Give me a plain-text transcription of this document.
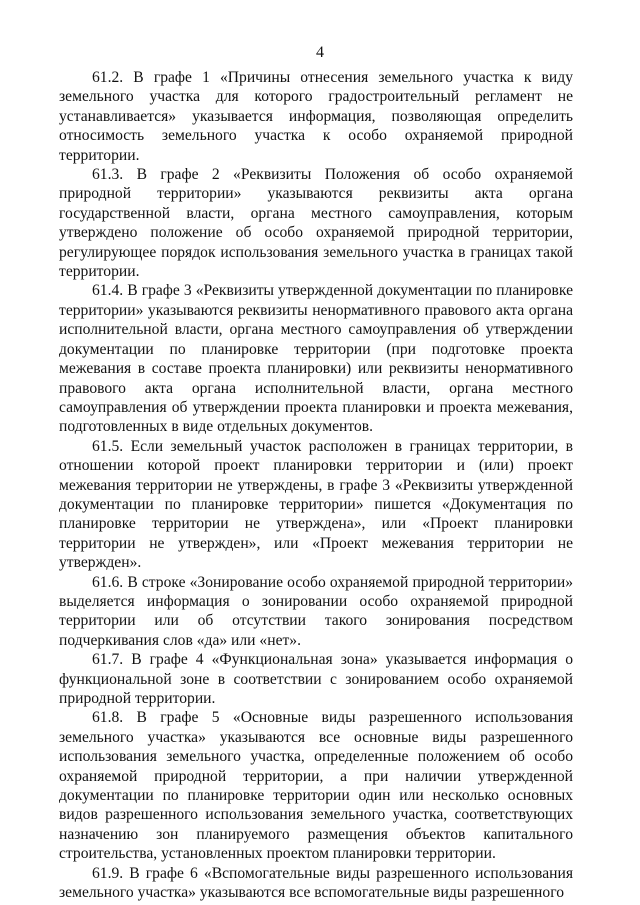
4

61.2. В графе 1 «Причины отнесения земельного участка к виду земельного участка для которого градостроительный регламент не устанавливается» указывается информация, позволяющая определить относимость земельного участка к особо охраняемой природной территории.

61.3. В графе 2 «Реквизиты Положения об особо охраняемой природной территории» указываются реквизиты акта органа государственной власти, органа местного самоуправления, которым утверждено положение об особо охраняемой природной территории, регулирующее порядок использования земельного участка в границах такой территории.

61.4. В графе 3 «Реквизиты утвержденной документации по планировке территории» указываются реквизиты ненормативного правового акта органа исполнительной власти, органа местного самоуправления об утверждении документации по планировке территории (при подготовке проекта межевания в составе проекта планировки) или реквизиты ненормативного правового акта органа исполнительной власти, органа местного самоуправления об утверждении проекта планировки и проекта межевания, подготовленных в виде отдельных документов.

61.5. Если земельный участок расположен в границах территории, в отношении которой проект планировки территории и (или) проект межевания территории не утверждены, в графе 3 «Реквизиты утвержденной документации по планировке территории» пишется «Документация по планировке территории не утверждена», или «Проект планировки территории не утвержден», или «Проект межевания территории не утвержден».

61.6. В строке «Зонирование особо охраняемой природной территории» выделяется информация о зонировании особо охраняемой природной территории или об отсутствии такого зонирования посредством подчеркивания слов «да» или «нет».

61.7. В графе 4 «Функциональная зона» указывается информация о функциональной зоне в соответствии с зонированием особо охраняемой природной территории.

61.8. В графе 5 «Основные виды разрешенного использования земельного участка» указываются все основные виды разрешенного использования земельного участка, определенные положением об особо охраняемой природной территории, а при наличии утвержденной документации по планировке территории один или несколько основных видов разрешенного использования земельного участка, соответствующих назначению зон планируемого размещения объектов капитального строительства, установленных проектом планировки территории.

61.9. В графе 6 «Вспомогательные виды разрешенного использования земельного участка» указываются все вспомогательные виды разрешенного
